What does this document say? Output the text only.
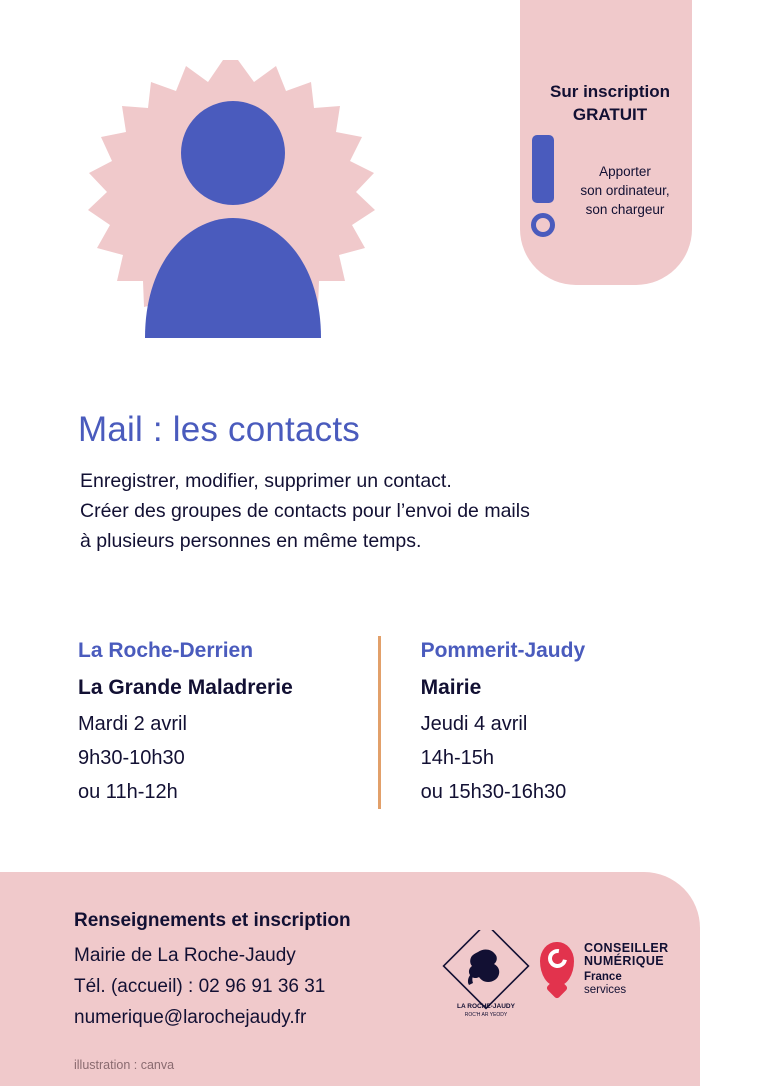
Sur inscription
GRATUIT
Apporter
son ordinateur,
son chargeur
Mail : les contacts
Enregistrer, modifier, supprimer un contact.
Créer des groupes de contacts pour l’envoi de mails
à plusieurs personnes en même temps.
La Roche-Derrien
La Grande Maladrerie
Mardi 2 avril
9h30-10h30
ou 11h-12h
Pommerit-Jaudy
Mairie
Jeudi 4 avril
14h-15h
ou 15h30-16h30
Renseignements et inscription
Mairie de La Roche-Jaudy
Tél. (accueil) : 02 96 91 36 31
numerique@larochejaudy.fr
illustration : canva
LA ROCHE-JAUDY
ROC'H AR YEODY
CONSEILLER
NUMÉRIQUE
France
services
